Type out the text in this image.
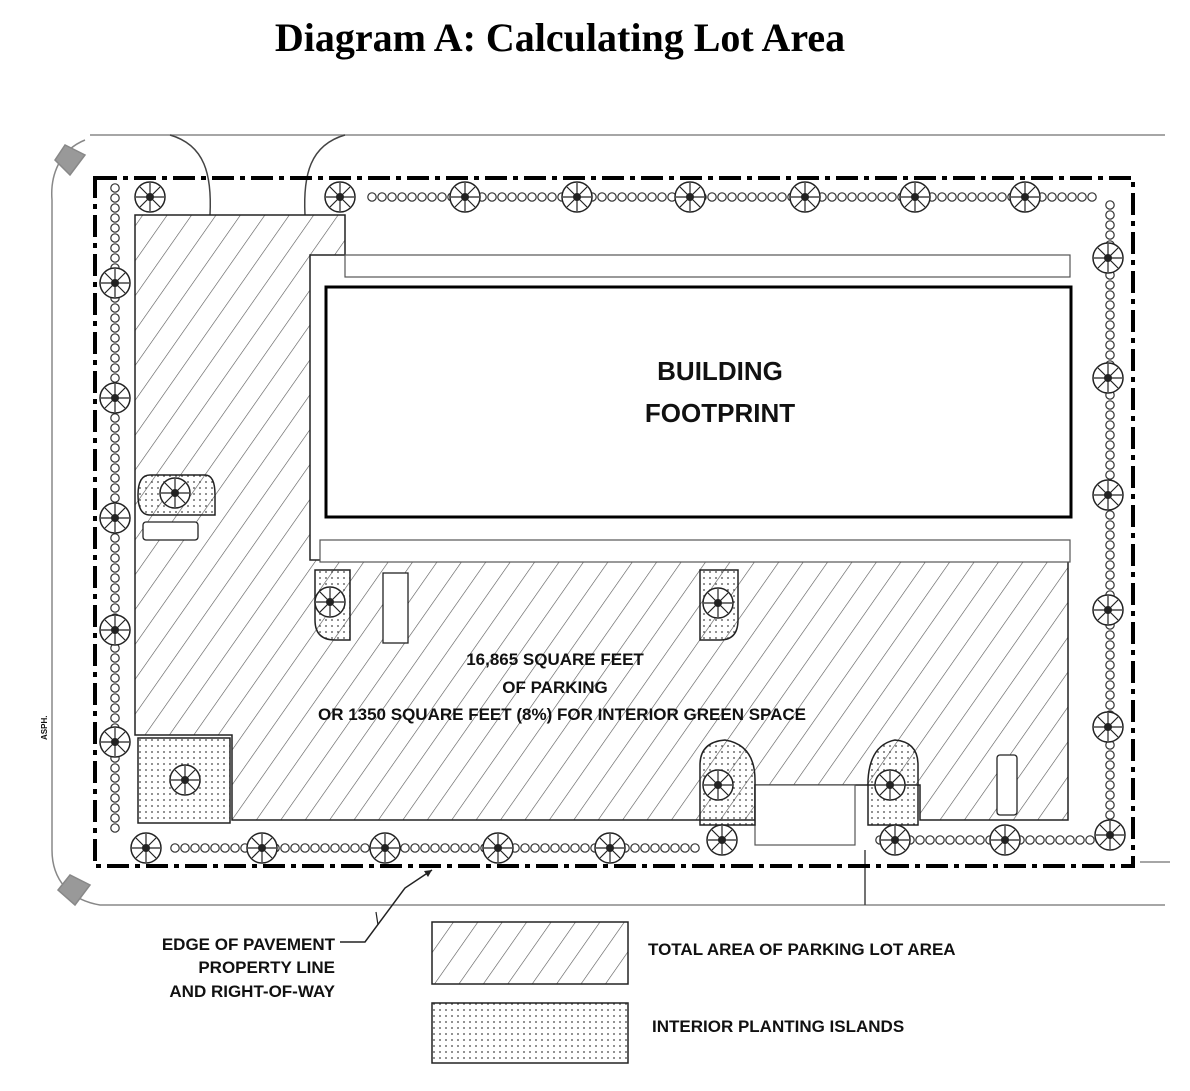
Diagram A: Calculating Lot Area
ASPH.
BUILDING
FOOTPRINT
16,865 SQUARE FEET
OF PARKING
OR 1350 SQUARE FEET (8%) FOR INTERIOR GREEN SPACE
EDGE OF PAVEMENT
PROPERTY LINE
AND RIGHT-OF-WAY
TOTAL AREA OF PARKING LOT AREA
INTERIOR PLANTING ISLANDS
